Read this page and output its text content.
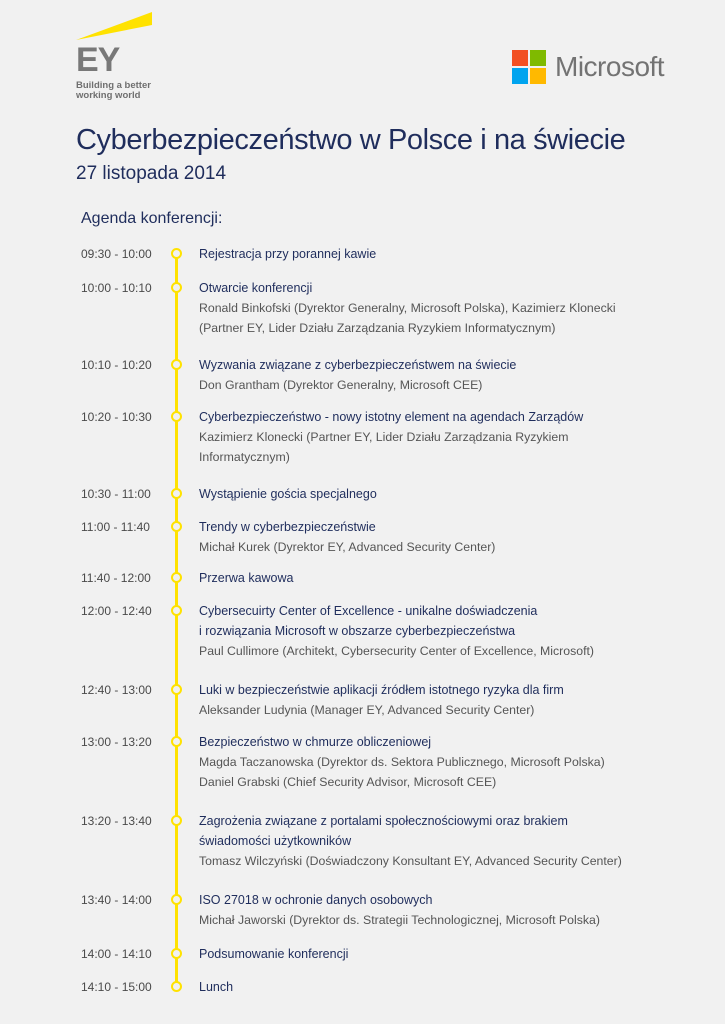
EY
Building a better
working world
Microsoft
Cyberbezpieczeństwo w Polsce i na świecie
27 listopada 2014
Agenda konferencji:
09:30 - 10:00	Rejestracja przy porannej kawie
10:00 - 10:10	Otwarcie konferencji
Ronald Binkofski (Dyrektor Generalny, Microsoft Polska), Kazimierz Klonecki
(Partner EY, Lider Działu Zarządzania Ryzykiem Informatycznym)
10:10 - 10:20	Wyzwania związane z cyberbezpieczeństwem na świecie
Don Grantham (Dyrektor Generalny, Microsoft CEE)
10:20 - 10:30	Cyberbezpieczeństwo - nowy istotny element na agendach Zarządów
Kazimierz Klonecki (Partner EY, Lider Działu Zarządzania Ryzykiem
Informatycznym)
10:30 - 11:00	Wystąpienie gościa specjalnego
11:00 - 11:40	Trendy w cyberbezpieczeństwie
Michał Kurek (Dyrektor EY, Advanced Security Center)
11:40 - 12:00	Przerwa kawowa
12:00 - 12:40	Cybersecuirty Center of Excellence - unikalne doświadczenia
i rozwiązania Microsoft w obszarze cyberbezpieczeństwa
Paul Cullimore (Architekt, Cybersecurity Center of Excellence, Microsoft)
12:40 - 13:00	Luki w bezpieczeństwie aplikacji źródłem istotnego ryzyka dla firm
Aleksander Ludynia (Manager EY, Advanced Security Center)
13:00 - 13:20	Bezpieczeństwo w chmurze obliczeniowej
Magda Taczanowska (Dyrektor ds. Sektora Publicznego, Microsoft Polska)
Daniel Grabski (Chief Security Advisor, Microsoft CEE)
13:20 - 13:40	Zagrożenia związane z portalami społecznościowymi oraz brakiem
świadomości użytkowników
Tomasz Wilczyński (Doświadczony Konsultant EY, Advanced Security Center)
13:40 - 14:00	ISO 27018 w ochronie danych osobowych
Michał Jaworski (Dyrektor ds. Strategii Technologicznej, Microsoft Polska)
14:00 - 14:10	Podsumowanie konferencji
14:10 - 15:00	Lunch
